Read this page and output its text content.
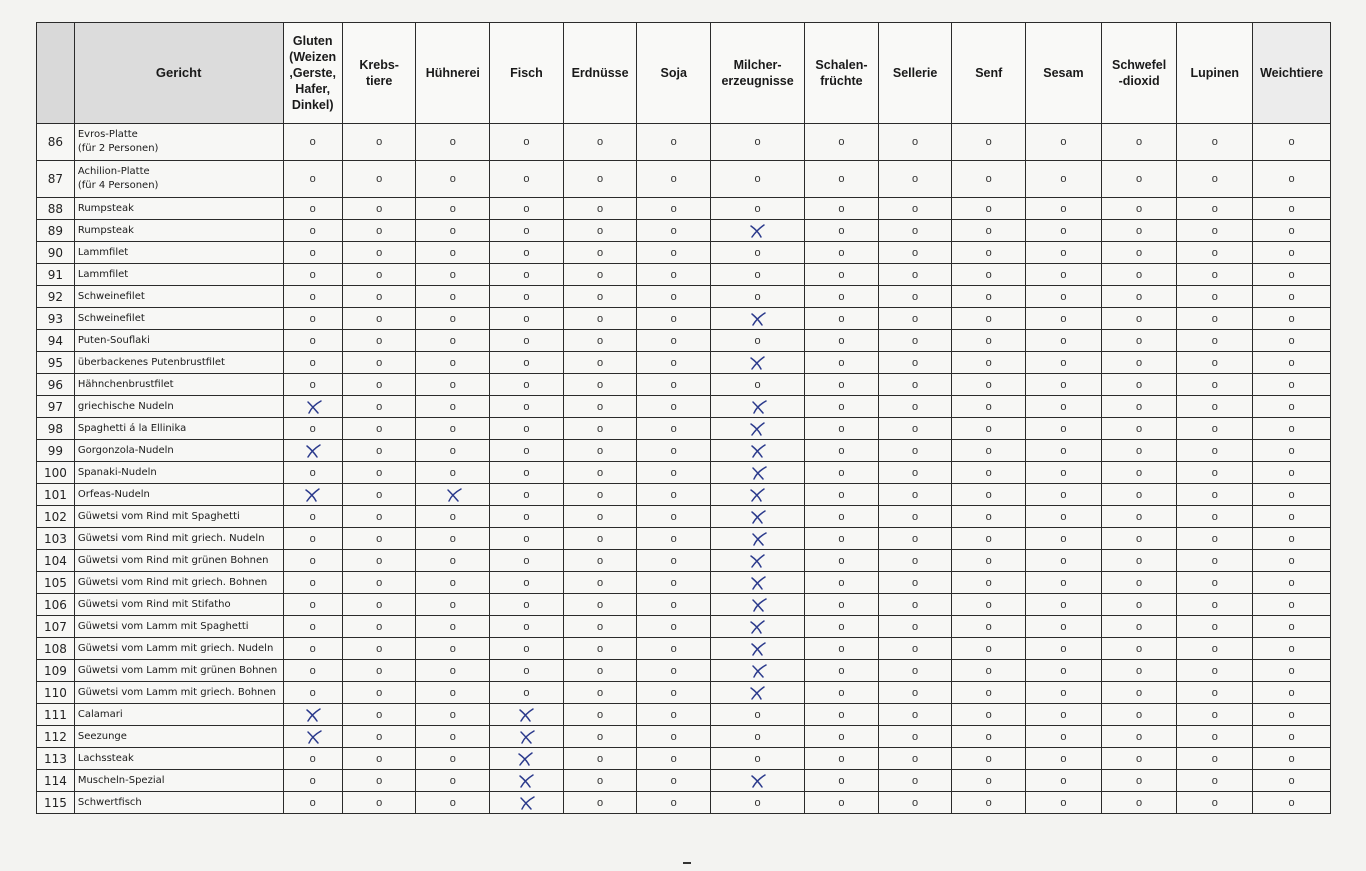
	Gericht	Gluten
(Weizen
,Gerste,
Hafer,
Dinkel)	Krebs-
tiere	Hühnerei	Fisch	Erdnüsse	Soja	Milcher-
erzeugnisse	Schalen-
früchte	Sellerie	Senf	Sesam	Schwefel
-dioxid	Lupinen	Weichtiere
86	Evros-Platte
(für 2 Personen)	o	o	o	o	o	o	o	o	o	o	o	o	o	o
87	Achilion-Platte
(für 4 Personen)	o	o	o	o	o	o	o	o	o	o	o	o	o	o
88	Rumpsteak	o	o	o	o	o	o	o	o	o	o	o	o	o	o
89	Rumpsteak	o	o	o	o	o	o		o	o	o	o	o	o	o
90	Lammfilet	o	o	o	o	o	o	o	o	o	o	o	o	o	o
91	Lammfilet	o	o	o	o	o	o	o	o	o	o	o	o	o	o
92	Schweinefilet	o	o	o	o	o	o	o	o	o	o	o	o	o	o
93	Schweinefilet	o	o	o	o	o	o		o	o	o	o	o	o	o
94	Puten-Souflaki	o	o	o	o	o	o	o	o	o	o	o	o	o	o
95	überbackenes Putenbrustfilet	o	o	o	o	o	o		o	o	o	o	o	o	o
96	Hähnchenbrustfilet	o	o	o	o	o	o	o	o	o	o	o	o	o	o
97	griechische Nudeln		o	o	o	o	o		o	o	o	o	o	o	o
98	Spaghetti á la Ellinika	o	o	o	o	o	o		o	o	o	o	o	o	o
99	Gorgonzola-Nudeln		o	o	o	o	o		o	o	o	o	o	o	o
100	Spanaki-Nudeln	o	o	o	o	o	o		o	o	o	o	o	o	o
101	Orfeas-Nudeln		o		o	o	o		o	o	o	o	o	o	o
102	Güwetsi vom Rind mit Spaghetti	o	o	o	o	o	o		o	o	o	o	o	o	o
103	Güwetsi vom Rind mit griech. Nudeln	o	o	o	o	o	o		o	o	o	o	o	o	o
104	Güwetsi vom Rind mit grünen Bohnen	o	o	o	o	o	o		o	o	o	o	o	o	o
105	Güwetsi vom Rind mit griech. Bohnen	o	o	o	o	o	o		o	o	o	o	o	o	o
106	Güwetsi vom Rind mit Stifatho	o	o	o	o	o	o		o	o	o	o	o	o	o
107	Güwetsi vom Lamm mit Spaghetti	o	o	o	o	o	o		o	o	o	o	o	o	o
108	Güwetsi vom Lamm mit griech. Nudeln	o	o	o	o	o	o		o	o	o	o	o	o	o
109	Güwetsi vom Lamm mit grünen Bohnen	o	o	o	o	o	o		o	o	o	o	o	o	o
110	Güwetsi vom Lamm mit griech. Bohnen	o	o	o	o	o	o		o	o	o	o	o	o	o
111	Calamari		o	o		o	o	o	o	o	o	o	o	o	o
112	Seezunge		o	o		o	o	o	o	o	o	o	o	o	o
113	Lachssteak	o	o	o		o	o	o	o	o	o	o	o	o	o
114	Muscheln-Spezial	o	o	o		o	o		o	o	o	o	o	o	o
115	Schwertfisch	o	o	o		o	o	o	o	o	o	o	o	o	o
